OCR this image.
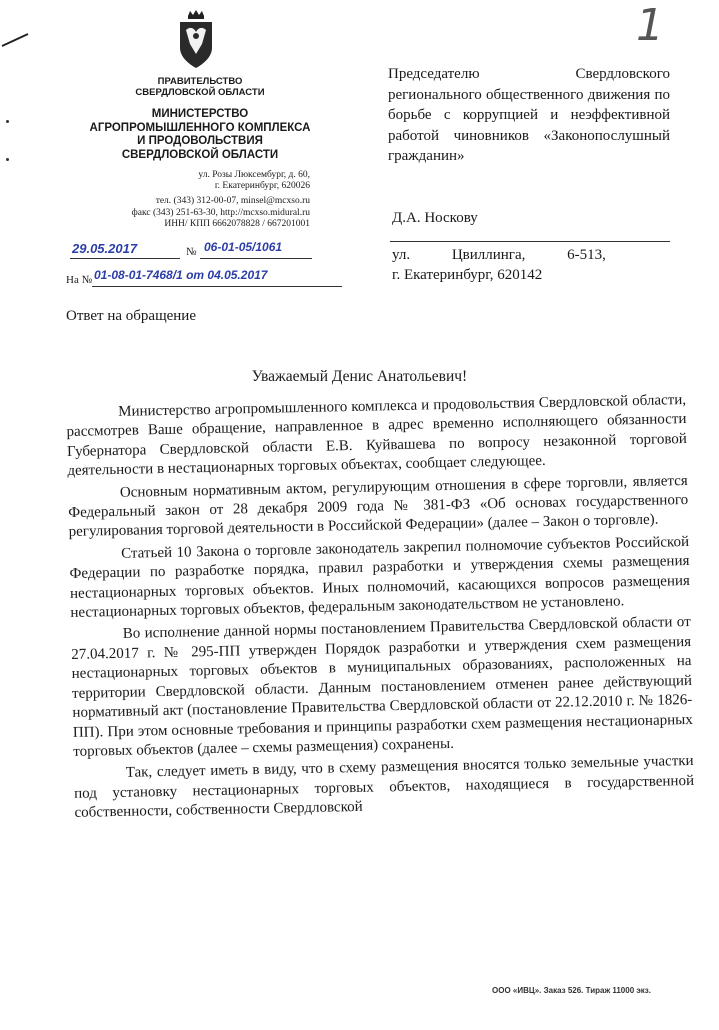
ПРАВИТЕЛЬСТВО
СВЕРДЛОВСКОЙ ОБЛАСТИ
МИНИСТЕРСТВО
АГРОПРОМЫШЛЕННОГО КОМПЛЕКСА
И ПРОДОВОЛЬСТВИЯ
СВЕРДЛОВСКОЙ ОБЛАСТИ
ул. Розы Люксембург, д. 60,
г. Екатеринбург, 620026
тел. (343) 312-00-07, minsel@mcxso.ru
факс (343) 251-63-30, http://mcxso.midural.ru
ИНН/ КПП 6662078828 / 667201001
29.05.2017	№ 06-01-05/1061
На № 01-08-01-7468/1 от 04.05.2017
Председателю Свердловского регионального общественного движения по борьбе с коррупцией и неэффективной работой чиновников «Законопослушный гражданин»
Д.А. Носкову
ул. Цвиллинга, 6-513,
г. Екатеринбург, 620142
Ответ на обращение
Уважаемый Денис Анатольевич!

Министерство агропромышленного комплекса и продовольствия Свердловской области, рассмотрев Ваше обращение, направленное в адрес временно исполняющего обязанности Губернатора Свердловской области Е.В. Куйвашева по вопросу незаконной торговой деятельности в нестационарных торговых объектах, сообщает следующее.

Основным нормативным актом, регулирующим отношения в сфере торговли, является Федеральный закон от 28 декабря 2009 года № 381-ФЗ «Об основах государственного регулирования торговой деятельности в Российской Федерации» (далее – Закон о торговле).

Статьей 10 Закона о торговле законодатель закрепил полномочие субъектов Российской Федерации по разработке порядка, правил разработки и утверждения схемы размещения нестационарных торговых объектов. Иных полномочий, касающихся вопросов размещения нестационарных торговых объектов, федеральным законодательством не установлено.

Во исполнение данной нормы постановлением Правительства Свердловской области от 27.04.2017 г. № 295-ПП утвержден Порядок разработки и утверждения схем размещения нестационарных торговых объектов в муниципальных образованиях, расположенных на территории Свердловской области. Данным постановлением отменен ранее действующий нормативный акт (постановление Правительства Свердловской области от 22.12.2010 г. № 1826-ПП). При этом основные требования и принципы разработки схем размещения нестационарных торговых объектов (далее – схемы размещения) сохранены.

Так, следует иметь в виду, что в схему размещения вносятся только земельные участки под установку нестационарных торговых объектов, находящиеся в государственной собственности, собственности Свердловской

1
ООО «ИВЦ». Заказ 526. Тираж 11000 экз.
